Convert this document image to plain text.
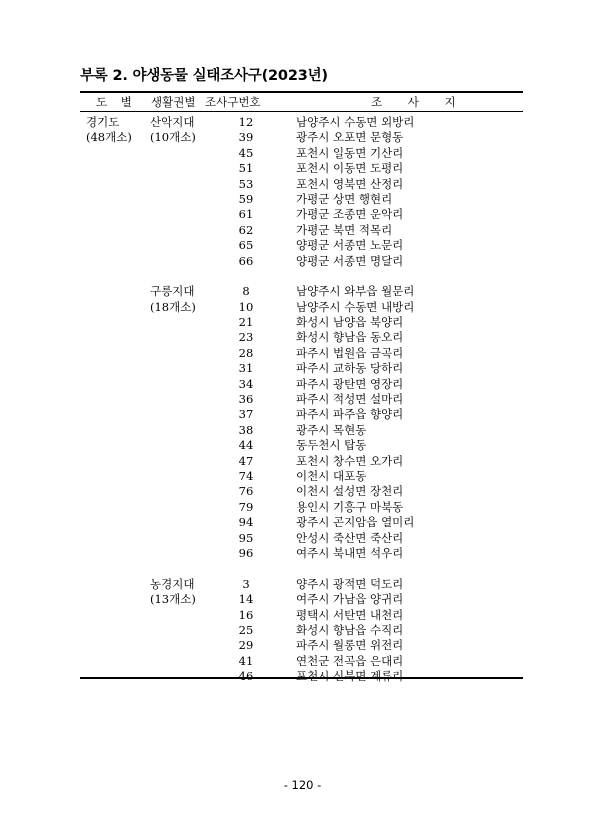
부록 2. 야생동물 실태조사구(2023년)
도 별 생활권별 조사구번호	조 사 지
경기도	산악지대	12	남양주시 수동면 외방리
(48개소) (10개소)	39	광주시 오포면 문형동
45	포천시 일동면 기산리
51	포천시 이동면 도평리
53	포천시 영북면 산정리
59	가평군 상면 행현리
61	가평군 조종면 운악리
62	가평군 북면 적목리
65	양평군 서종면 노문리
66	양평군 서종면 명달리
구릉지대	8	남양주시 와부읍 월문리
(18개소)	10	남양주시 수동면 내방리
21	화성시 남양읍 북양리
23	화성시 향남읍 동오리
28	파주시 법원읍 금곡리
31	파주시 교하동 당하리
34	파주시 광탄면 영장리
36	파주시 적성면 설마리
37	파주시 파주읍 향양리
38	광주시 목현동
44	동두천시 탑동
47	포천시 창수면 오가리
74	이천시 대포동
76	이천시 설성면 장천리
79	용인시 기흥구 마북동
94	광주시 곤지암읍 열미리
95	안성시 죽산면 죽산리
96	여주시 북내면 석우리
농경지대	3	양주시 광적면 덕도리
(13개소)	14	여주시 가남읍 양귀리
16	평택시 서탄면 내천리
25	화성시 향남읍 수직리
29	파주시 월롱면 위전리
41	연천군 전곡읍 은대리
- 120 -
